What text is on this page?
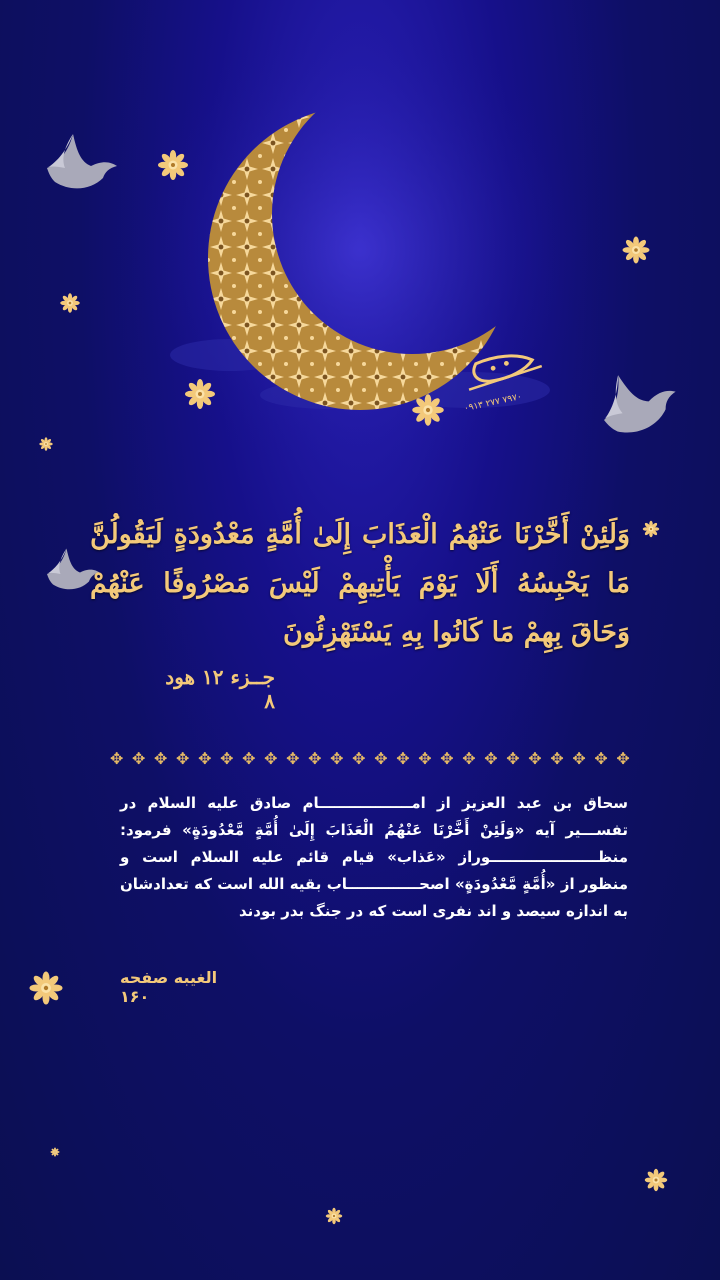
۰۹۱۳ ۲۷۷ ۷۹۷۰
وَلَئِنْ أَخَّرْنَا عَنْهُمُ الْعَذَابَ إِلَىٰ أُمَّةٍ مَعْدُودَةٍ لَيَقُولُنَّ مَا يَحْبِسُهُ أَلَا يَوْمَ يَأْتِيهِمْ لَيْسَ مَصْرُوفًا عَنْهُمْ وَحَاقَ بِهِمْ مَا كَانُوا بِهِ يَسْتَهْزِئُونَ
جــزء ۱۲ هود ۸
✥ ✥ ✥ ✥ ✥ ✥ ✥ ✥ ✥ ✥ ✥ ✥ ✥ ✥ ✥ ✥ ✥ ✥ ✥ ✥ ✥ ✥ ✥ ✥
سحاق بن عبد العزیز از امــــــــــــــــــام صادق علیه السلام در تفســـیر آیه «وَلَئِنْ أَخَّرْنَا عَنْهُمُ الْعَذَابَ إِلَىٰ أُمَّةٍ مَّعْدُودَةٍ» فرمود: منظـــــــــــــــــــــوراز «عَذاب» قیام قائم علیه السلام است و منظور از «أُمَّةٍ مَّعْدُودَةٍ» اصحــــــــــــــاب بقیه الله است که تعدادشان به اندازه سیصد و اند نفری است که در جنگ بدر بودند
الغیبه صفحه ۱۶۰
